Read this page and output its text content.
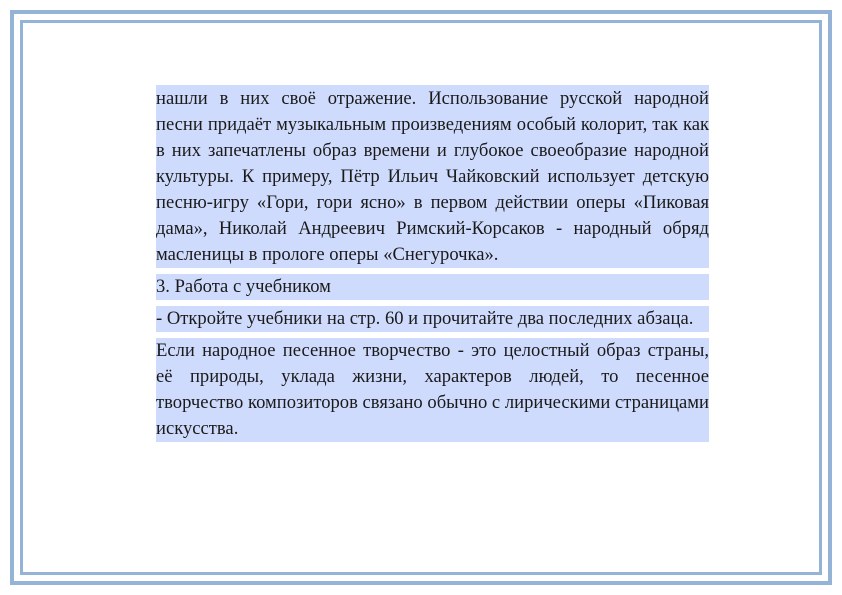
нашли в них своё отражение. Использование русской народной песни придаёт музыкальным произведениям особый колорит, так как в них запечатлены образ времени и глубокое своеобразие народной культуры. К примеру, Пётр Ильич Чайковский использует детскую песню-игру «Гори, гори ясно» в первом действии оперы «Пиковая дама», Николай Андреевич Римский-Корсаков - народный обряд масленицы в прологе оперы «Снегурочка».

3. Работа с учебником

- Откройте учебники на стр. 60 и прочитайте два последних абзаца.

Если народное песенное творчество - это целостный образ страны, её природы, уклада жизни, характеров людей, то песенное творчество композиторов связано обычно с лирическими страницами искусства.
